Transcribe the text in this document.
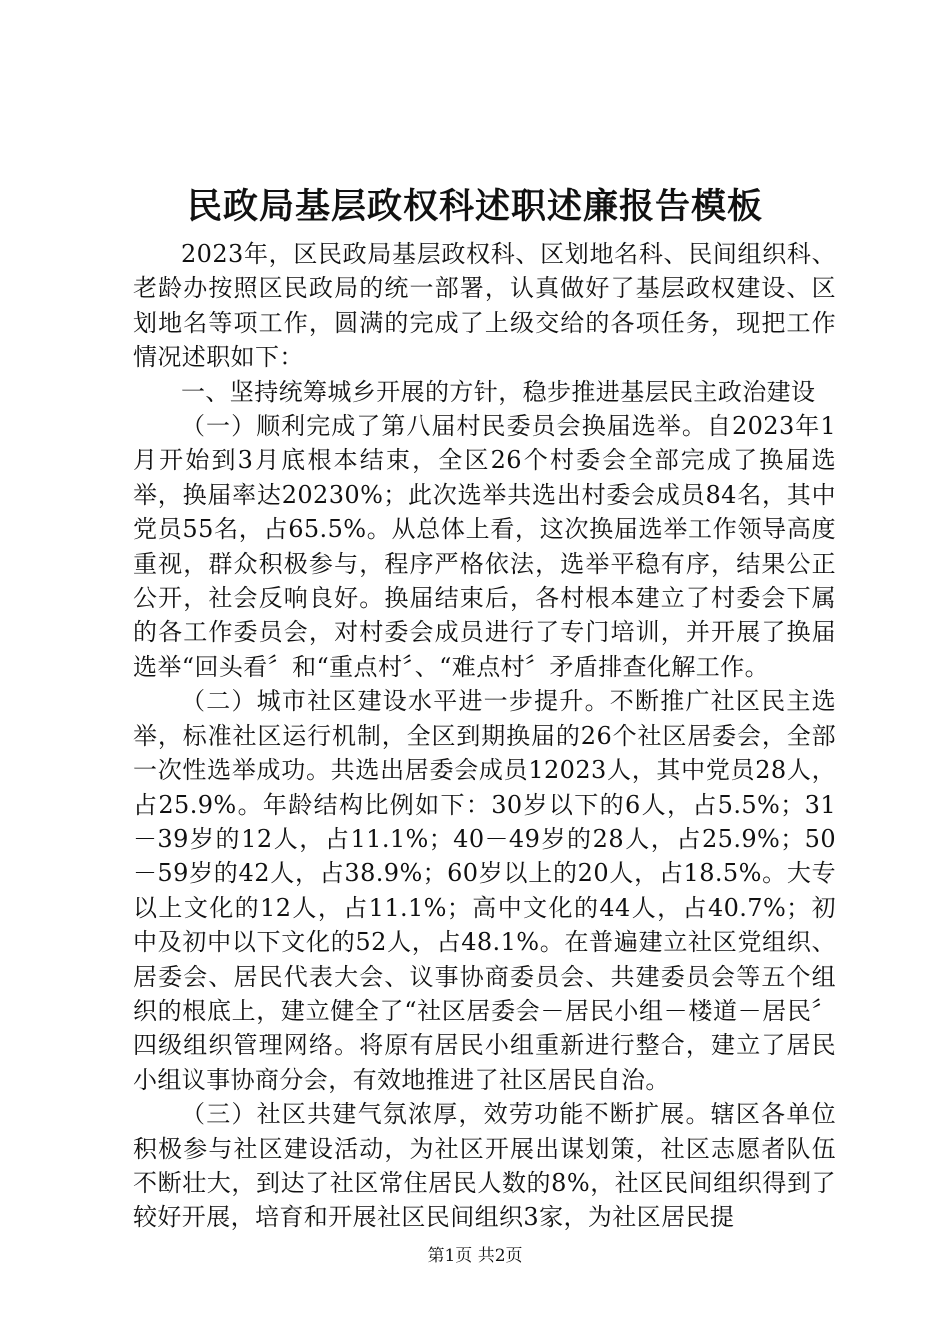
民政局基层政权科述职述廉报告模板

2023年，区民政局基层政权科、区划地名科、民间组织科、老龄办按照区民政局的统一部署，认真做好了基层政权建设、区划地名等项工作，圆满的完成了上级交给的各项任务，现把工作情况述职如下：

一、坚持统筹城乡开展的方针，稳步推进基层民主政治建设

（一）顺利完成了第八届村民委员会换届选举。自2023年1月开始到3月底根本结束，全区26个村委会全部完成了换届选举，换届率达20230%；此次选举共选出村委会成员84名，其中党员55名，占65.5%。从总体上看，这次换届选举工作领导高度重视，群众积极参与，程序严格依法，选举平稳有序，结果公正公开，社会反响良好。换届结束后，各村根本建立了村委会下属的各工作委员会，对村委会成员进行了专门培训，并开展了换届选举“回头看〞和“重点村〞、“难点村〞矛盾排查化解工作。

（二）城市社区建设水平进一步提升。不断推广社区民主选举，标准社区运行机制，全区到期换届的26个社区居委会，全部一次性选举成功。共选出居委会成员12023人，其中党员28人，占25.9%。年龄结构比例如下：30岁以下的6人，占5.5%；31－39岁的12人，占11.1%；40－49岁的28人，占25.9%；50－59岁的42人，占38.9%；60岁以上的20人，占18.5%。大专以上文化的12人，占11.1%；高中文化的44人，占40.7%；初中及初中以下文化的52人，占48.1%。在普遍建立社区党组织、居委会、居民代表大会、议事协商委员会、共建委员会等五个组织的根底上，建立健全了“社区居委会－居民小组－楼道－居民〞四级组织管理网络。将原有居民小组重新进行整合，建立了居民小组议事协商分会，有效地推进了社区居民自治。

（三）社区共建气氛浓厚，效劳功能不断扩展。辖区各单位积极参与社区建设活动，为社区开展出谋划策，社区志愿者队伍不断壮大，到达了社区常住居民人数的8%，社区民间组织得到了较好开展，培育和开展社区民间组织3家，为社区居民提

第1页 共2页
